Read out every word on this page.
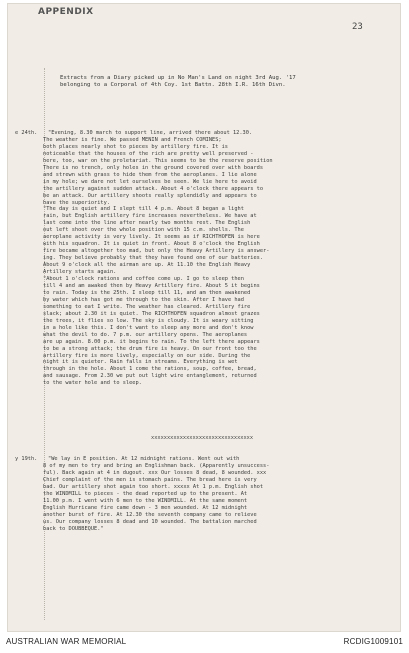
APPENDIX
23
Extracts from a Diary picked up in No Man's Land on night 3rd Aug. '17
belonging to a Corporal of 4th Coy. 1st Battn. 28th I.R. 16th Divn.
e 24th.	"Evening, 8.30 march to support line, arrived there about 12.30.
The weather is fine. We passed MENIN and French COMINES;
both places nearly shot to pieces by artillery fire. It is
noticeable that the houses of the rich are pretty well preserved -
here, too, war on the proletariat. This seems to be the reserve position
There is no trench, only holes in the ground covered over with boards
and strewn with grass to hide them from the aeroplanes. I lie alone
in my hole; we dare not let ourselves be seen. We lie here to avoid
the artillery against sudden attack. About 4 o'clock there appears to
be an attack. Our artillery shoots really splendidly and appears to
have the superiority.
"The day is quiet and I slept till 4 p.m. About 8 began a light
rain, but English artillery fire increases nevertheless. We have at
last come into the line after nearly two months rest. The English
out left shoot over the whole position with 15 c.m. shells. The
aeroplane activity is very lively. It seems as if RICHTHOFEN is here
with his squadron. It is quiet in front. About 8 o'clock the English
fire became altogether too mad, but only the Heavy Artillery is answer-
ing. They believe probably that they have found one of our batteries.
About 9 o'clock all the airman are up. At 11.10 the English Heavy
Artillery starts again.
"About 1 o'clock rations and coffee come up. I go to sleep then
till 4 and am awaked then by Heavy Artillery fire. About 5 it begins
to rain. Today is the 25th. I sleep till 11, and am then awakened
by water which has got me through to the skin. After I have had
something to eat I write. The weather has cleared. Artillery fire
slack; about 2.30 it is quiet. The RICHTHOFEN squadron almost grazes
the trees, it flies so low. The sky is cloudy. It is weary sitting
in a hole like this. I don't want to sleep any more and don't know
what the devil to do. 7 p.m. our artillery opens. The aeroplanes
are up again. 8.00 p.m. it begins to rain. To the left there appears
to be a strong attack; the drum fire is heavy. On our front too the
artillery fire is more lively, especially on our side. During the
night it is quieter. Rain falls in streams. Everything is wet
through in the hole. About 1 come the rations, soup, coffee, bread,
and sausage. From 2.30 we put out light wire entanglement, returned
to the water hole and to sleep.
xxxxxxxxxxxxxxxxxxxxxxxxxxxxxxxx
y 19th.	"We lay in E position. At 12 midnight rations. Went out with
8 of my men to try and bring an Englishman back. (Apparently unsuccess-
ful). Back again at 4 in dugout. xxx Our losses 8 dead, 8 wounded. xxx
Chief complaint of the men is stomach pains. The bread here is very
bad. Our artillery shot again too short. xxxxx At 1 p.m. English shot
the WINDMILL to pieces - the dead reported up to the present. At
11.00 p.m. I went with 6 men to the WINDMILL. At the same moment
English Hurricane fire came down - 3 men wounded. At 12 midnight
another burst of fire. At 12.30 the seventh company came to relieve
us. Our company losses 8 dead and 10 wounded. The battalion marched
back to DOUBBEQUE."
AUSTRALIAN WAR MEMORIAL	RCDIG1009101
